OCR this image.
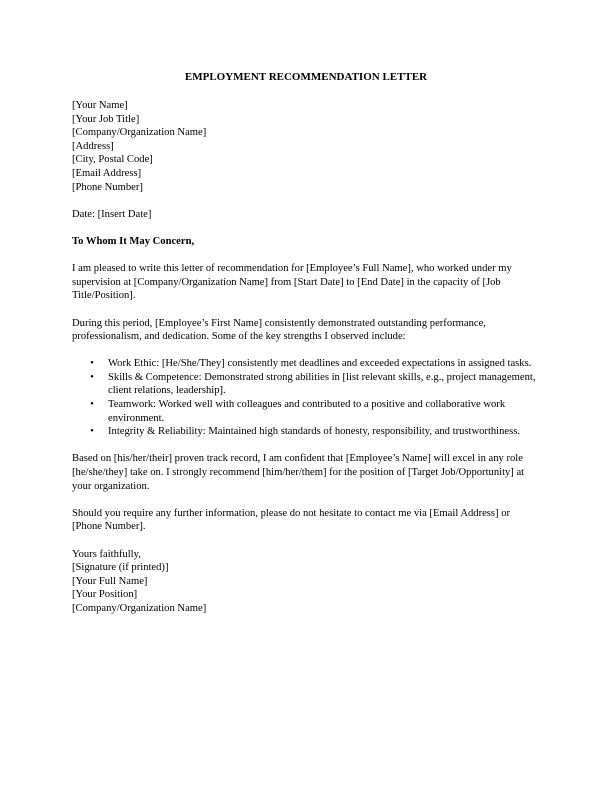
EMPLOYMENT RECOMMENDATION LETTER
[Your Name]
[Your Job Title]
[Company/Organization Name]
[Address]
[City, Postal Code]
[Email Address]
[Phone Number]
Date: [Insert Date]
To Whom It May Concern,

I am pleased to write this letter of recommendation for [Employee’s Full Name], who worked under my supervision at [Company/Organization Name] from [Start Date] to [End Date] in the capacity of [Job Title/Position].

During this period, [Employee’s First Name] consistently demonstrated outstanding performance, professionalism, and dedication. Some of the key strengths I observed include:

• Work Ethic: [He/She/They] consistently met deadlines and exceeded expectations in assigned tasks.
• Skills & Competence: Demonstrated strong abilities in [list relevant skills, e.g., project management, client relations, leadership].
• Teamwork: Worked well with colleagues and contributed to a positive and collaborative work environment.
• Integrity & Reliability: Maintained high standards of honesty, responsibility, and trustworthiness.

Based on [his/her/their] proven track record, I am confident that [Employee’s Name] will excel in any role [he/she/they] take on. I strongly recommend [him/her/them] for the position of [Target Job/Opportunity] at your organization.

Should you require any further information, please do not hesitate to contact me via [Email Address] or [Phone Number].

Yours faithfully,
[Signature (if printed)]
[Your Full Name]
[Your Position]
[Company/Organization Name]
